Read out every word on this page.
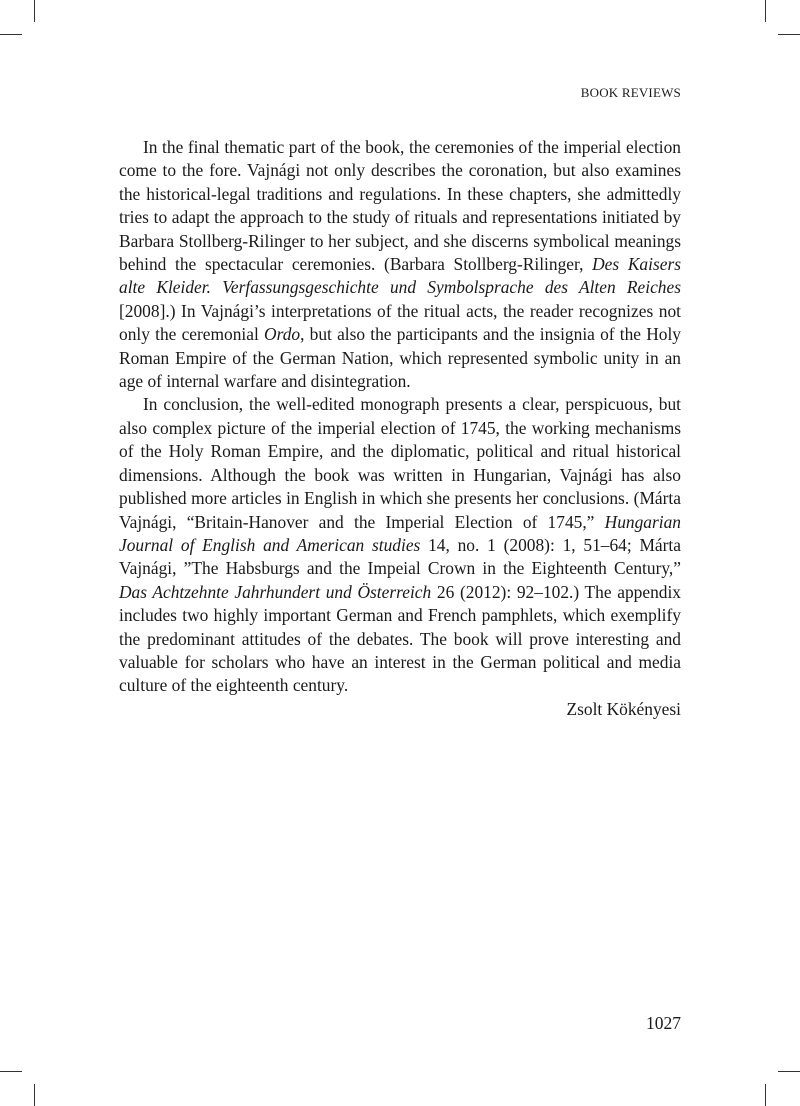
BOOK REVIEWS

In the final thematic part of the book, the ceremonies of the imperial election come to the fore. Vajnági not only describes the coronation, but also examines the historical-legal traditions and regulations. In these chapters, she admittedly tries to adapt the approach to the study of rituals and representations initiated by Barbara Stollberg-Rilinger to her subject, and she discerns symbolical meanings behind the spectacular ceremonies. (Barbara Stollberg-Rilinger, Des Kaisers alte Kleider. Verfassungsgeschichte und Symbolsprache des Alten Reiches [2008].) In Vajnági’s interpretations of the ritual acts, the reader recognizes not only the ceremonial Ordo, but also the participants and the insignia of the Holy Roman Empire of the German Nation, which represented symbolic unity in an age of internal warfare and disintegration.

In conclusion, the well-edited monograph presents a clear, perspicuous, but also complex picture of the imperial election of 1745, the working mechanisms of the Holy Roman Empire, and the diplomatic, political and ritual historical dimensions. Although the book was written in Hungarian, Vajnági has also published more articles in English in which she presents her conclusions. (Márta Vajnági, “Britain-Hanover and the Imperial Election of 1745,” Hungarian Journal of English and American studies 14, no. 1 (2008): 1, 51–64; Márta Vajnági, ”The Habsburgs and the Impeial Crown in the Eighteenth Century,” Das Achtzehnte Jahrhundert und Österreich 26 (2012): 92–102.) The appendix includes two highly important German and French pamphlets, which exemplify the predominant attitudes of the debates. The book will prove interesting and valuable for scholars who have an interest in the German political and media culture of the eighteenth century.

Zsolt Kökényesi

1027
